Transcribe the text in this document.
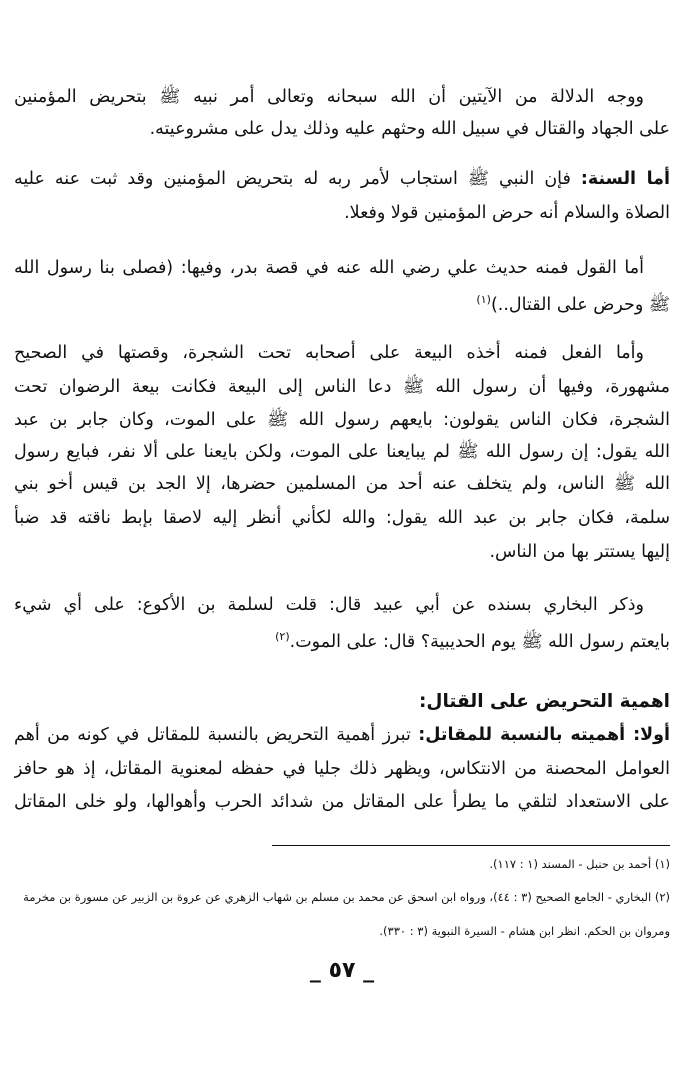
ووجه الدلالة من الآيتين أن الله سبحانه وتعالى أمر نبيه ﷺ بتحريض المؤمنين
على الجهاد والقتال في سبيل الله وحثهم عليه وذلك يدل على مشروعيته.
أما السنة: فإن النبي ﷺ استجاب لأمر ربه له بتحريض المؤمنين وقد ثبت عنه عليه
الصلاة والسلام أنه حرض المؤمنين قولا وفعلا.
أما القول فمنه حديث علي رضي الله عنه في قصة بدر، وفيها: (فصلى بنا رسول الله
ﷺ وحرض على القتال..)$^{(١)}$
وأما الفعل فمنه أخذه البيعة على أصحابه تحت الشجرة، وقصتها في الصحيح
مشهورة، وفيها أن رسول الله ﷺ دعا الناس إلى البيعة فكانت بيعة الرضوان تحت
الشجرة، فكان الناس يقولون: بايعهم رسول الله ﷺ على الموت، وكان جابر بن عبد
الله يقول: إن رسول الله ﷺ لم يبايعنا على الموت، ولكن بايعنا على ألا نفر، فبايع رسول
الله ﷺ الناس، ولم يتخلف عنه أحد من المسلمين حضرها، إلا الجد بن قيس أخو بني
سلمة، فكان جابر بن عبد الله يقول: والله لكأني أنظر إليه لاصقا بإبط ناقته قد ضبأ
إليها يستتر بها من الناس.
وذكر البخاري بسنده عن أبي عبيد قال: قلت لسلمة بن الأكوع: على أي شيء
بايعتم رسول الله ﷺ يوم الحديبية؟ قال: على الموت.$^{(٢)}$
اهمية التحريض على القتال:
أولا: أهميته بالنسبة للمقاتل: تبرز أهمية التحريض بالنسبة للمقاتل في كونه من أهم
العوامل المحصنة من الانتكاس، ويظهر ذلك جليا في حفظه لمعنوية المقاتل، إذ هو حافز
على الاستعداد لتلقي ما يطرأ على المقاتل من شدائد الحرب وأهوالها، ولو خلى المقاتل
(١) أحمد بن حنبل - المسند (١ : ١١٧).
(٢) البخاري - الجامع الصحيح (٣ : ٤٤)، ورواه ابن اسحق عن محمد بن مسلم بن شهاب الزهري عن عروة بن الزبير عن مسورة بن مخرمة
ومروان بن الحكم. انظر ابن هشام - السيرة النبوية (٣ : ٣٣٠).
_ ٥٧ _
